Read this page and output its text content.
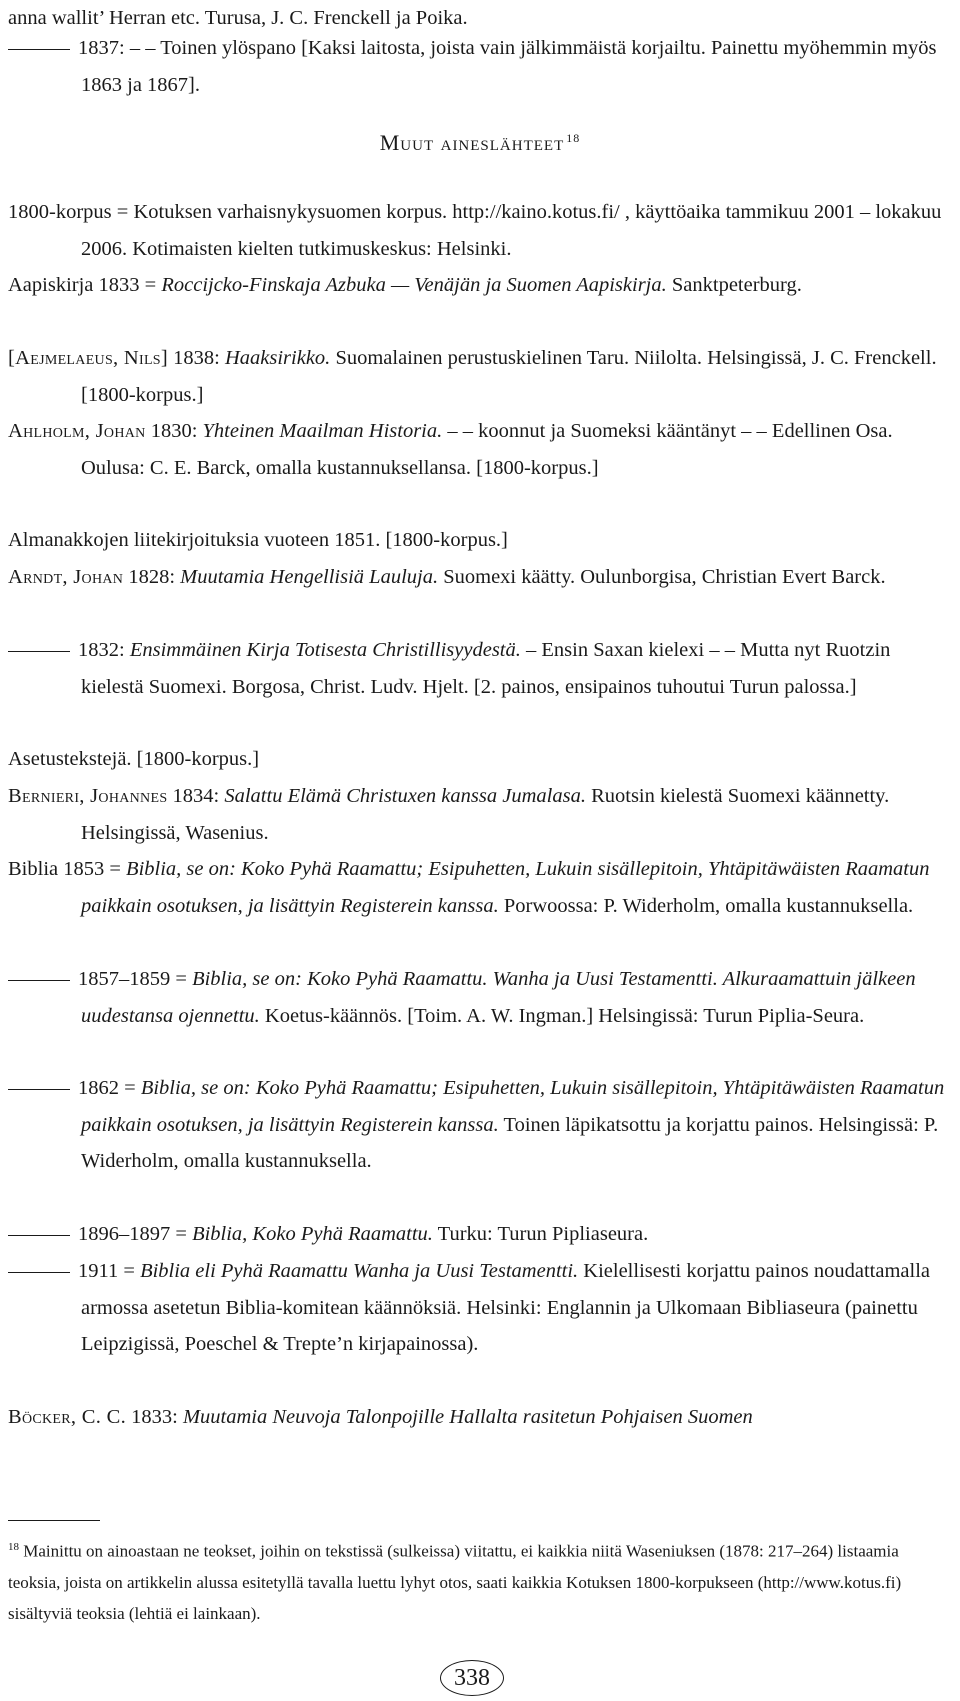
anna wallit’ Herran etc. Turusa, J. C. Frenckell ja Poika.
1837: – – Toinen ylöspano [Kaksi laitosta, joista vain jälkimmäistä korjailtu. Painettu myöhemmin myös 1863 ja 1867].
Muut aineslähteet $^{18}$
1800-korpus = Kotuksen varhaisnykysuomen korpus. http://kaino.kotus.fi/ , käyttöaika tammikuu 2001 – lokakuu 2006. Kotimaisten kielten tutkimuskeskus: Helsinki.
Aapiskirja 1833 = Roccijcko-Finskaja Azbuka — Venäjän ja Suomen Aapiskirja. Sanktpeterburg.
[Aejmelaeus, Nils] 1838: Haaksirikko. Suomalainen perustuskielinen Taru. Niilolta. Helsingissä, J. C. Frenckell. [1800-korpus.]
Ahlholm, Johan 1830: Yhteinen Maailman Historia. – – koonnut ja Suomeksi kääntänyt – – Edellinen Osa. Oulusa: C. E. Barck, omalla kustannuksellansa. [1800-korpus.]
Almanakkojen liitekirjoituksia vuoteen 1851. [1800-korpus.]
Arndt, Johan 1828: Muutamia Hengellisiä Lauluja. Suomexi käätty. Oulunborgisa, Christian Evert Barck.
1832: Ensimmäinen Kirja Totisesta Christillisyydestä. – Ensin Saxan kielexi – – Mutta nyt Ruotzin kielestä Suomexi. Borgosa, Christ. Ludv. Hjelt. [2. painos, ensipainos tuhoutui Turun palossa.]
Asetustekstejä. [1800-korpus.]
Bernieri, Johannes 1834: Salattu Elämä Christuxen kanssa Jumalasa. Ruotsin kielestä Suomexi käännetty. Helsingissä, Wasenius.
Biblia 1853 = Biblia, se on: Koko Pyhä Raamattu; Esipuhetten, Lukuin sisällepitoin, Yhtäpitäwäisten Raamatun paikkain osotuksen, ja lisättyin Registerein kanssa. Porwoossa: P. Widerholm, omalla kustannuksella.
1857–1859 = Biblia, se on: Koko Pyhä Raamattu. Wanha ja Uusi Testamentti. Alkuraamattuin jälkeen uudestansa ojennettu. Koetus-käännös. [Toim. A. W. Ingman.] Helsingissä: Turun Piplia-Seura.
1862 = Biblia, se on: Koko Pyhä Raamattu; Esipuhetten, Lukuin sisällepitoin, Yhtäpitäwäisten Raamatun paikkain osotuksen, ja lisättyin Registerein kanssa. Toinen läpikatsottu ja korjattu painos. Helsingissä: P. Widerholm, omalla kustannuksella.
1896–1897 = Biblia, Koko Pyhä Raamattu. Turku: Turun Pipliaseura.
1911 = Biblia eli Pyhä Raamattu Wanha ja Uusi Testamentti. Kielellisesti korjattu painos noudattamalla armossa asetetun Biblia-komitean käännöksiä. Helsinki: Englannin ja Ulkomaan Bibliaseura (painettu Leipzigissä, Poeschel & Trepte’n kirjapainossa).
Böcker, C. C. 1833: Muutamia Neuvoja Talonpojille Hallalta rasitetun Pohjaisen Suomen
$^{18}$ Mainittu on ainoastaan ne teokset, joihin on tekstissä (sulkeissa) viitattu, ei kaikkia niitä Waseniuksen (1878: 217–264) listaamia teoksia, joista on artikkelin alussa esitetyllä tavalla luettu lyhyt otos, saati kaikkia Kotuksen 1800-korpukseen (http://www.kotus.fi) sisältyviä teoksia (lehtiä ei lainkaan).
338
